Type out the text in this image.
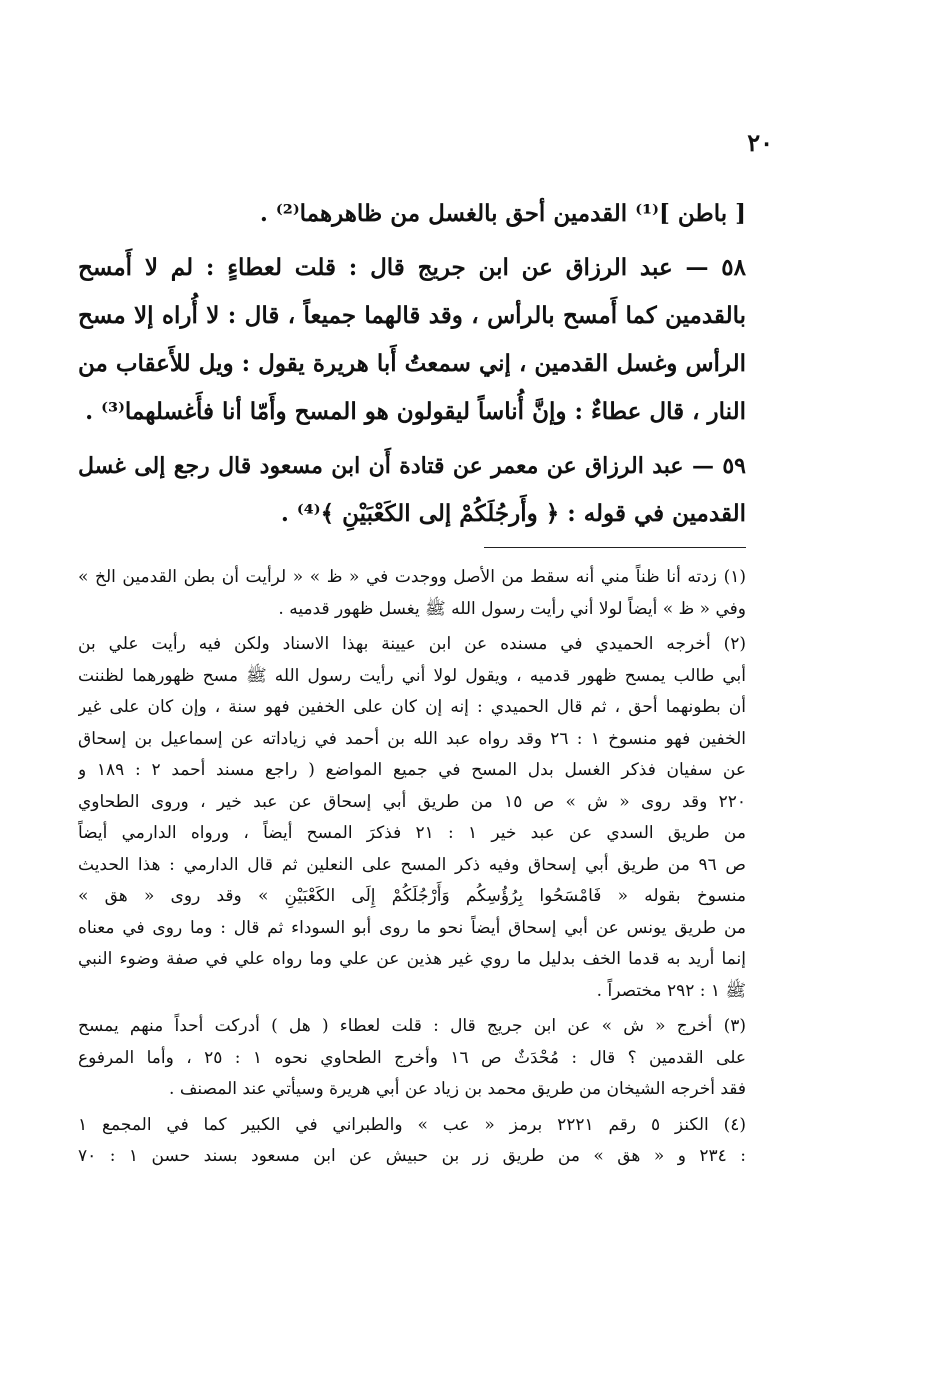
٢٠
[ باطن ]⁽¹⁾ القدمين أحق بالغسل من ظاهرهما⁽²⁾ .
٥٨ — عبد الرزاق عن ابن جريج قال : قلت لعطاءٍ : لم لا أَمسح
بالقدمين كما أَمسح بالرأس ، وقد قالهما جميعاً ، قال : لا أُراه إلا مسح
الرأس وغسل القدمين ، إني سمعتُ أَبا هريرة يقول : ويل للأَعقاب من
النار ، قال عطاءٌ : وإنَّ أُناساً ليقولون هو المسح وأَمّا أنا فأَغسلهما⁽³⁾ .
٥٩ — عبد الرزاق عن معمر عن قتادة أَن ابن مسعود قال رجع إلى غسل
القدمين في قوله : ﴿ وأَرجُلَكُمْ إلى الكَعْبَيْنِ ﴾⁽⁴⁾ .
(١) زدته أنا ظناً مني أنه سقط من الأصل ووجدت في « ظ » « لرأيت أن بطن القدمين الخ »
وفي « ظ » أيضاً لولا أني رأيت رسول الله ﷺ يغسل ظهور قدميه .
(٢) أخرجه الحميدي في مسنده عن ابن عيينة بهذا الاسناد ولكن فيه رأيت علي بن
أبي طالب يمسح ظهور قدميه ، ويقول لولا أني رأيت رسول الله ﷺ مسح ظهورهما لظننت
أن بطونهما أحق ، ثم قال الحميدي : إنه إن كان على الخفين فهو سنة ، وإن كان على غير
الخفين فهو منسوخ ١ : ٢٦ وقد رواه عبد الله بن أحمد في زياداته عن إسماعيل بن إسحاق
عن سفيان فذكر الغسل بدل المسح في جميع المواضع ( راجع مسند أحمد ٢ : ١٨٩ و
٢٢٠ وقد روى « ش » ص ١٥ من طريق أبي إسحاق عن عبد خير ، وروى الطحاوي
من طريق السدي عن عبد خير ١ : ٢١ فذكرَ المسح أيضاً ، ورواه الدارمي أيضاً
ص ٩٦ من طريق أبي إسحاق وفيه ذكر المسح على النعلين ثم قال الدارمي : هذا الحديث
منسوخ بقوله « فَامْسَحُوا بِرُؤُسِكُم وَأَرْجُلَكُمْ إِلَى الكَعْبَيْنِ » وقد روى « هق »
من طريق يونس عن أبي إسحاق أيضاً نحو ما روى أبو السوداء ثم قال : وما روى في معناه
إنما أريد به قدما الخف بدليل ما روي غير هذين عن علي وما رواه علي في صفة وضوء النبي
ﷺ ١ : ٢٩٢ مختصراً .
(٣) أخرج « ش » عن ابن جريج قال : قلت لعطاء ( هل ) أدركت أحداً منهم يمسح
على القدمين ؟ قال : مُحْدَثٌ ص ١٦ وأخرج الطحاوي نحوه ١ : ٢٥ ، وأما المرفوع
فقد أخرجه الشيخان من طريق محمد بن زياد عن أبي هريرة وسيأتي عند المصنف .
(٤) الكنز ٥ رقم ٢٢٢١ برمز « عب » والطبراني في الكبير كما في المجمع ١
: ٢٣٤ و « هق » من طريق زر بن حبيش عن ابن مسعود بسند حسن ١ : ٧٠
